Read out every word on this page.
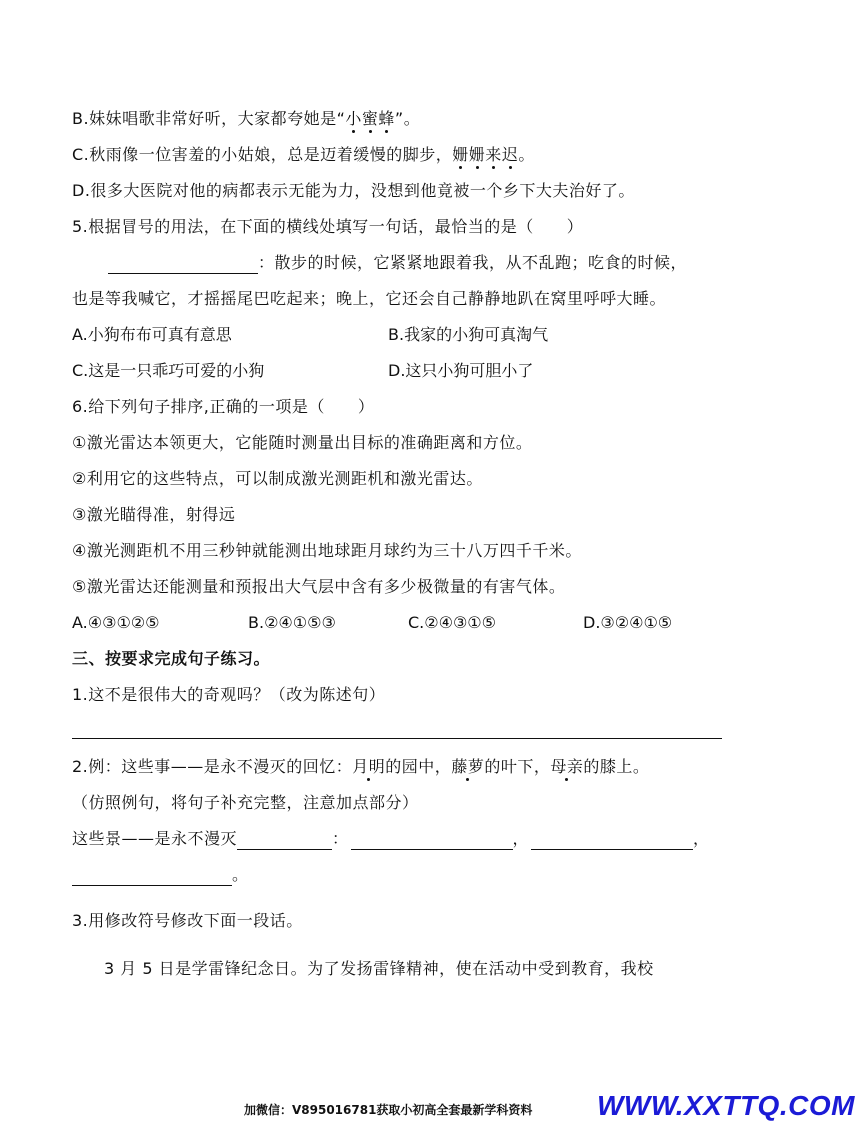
B.妹妹唱歌非常好听，大家都夸她是“小蜜蜂”。
C.秋雨像一位害羞的小姑娘，总是迈着缓慢的脚步，姗姗来迟。
D.很多大医院对他的病都表示无能为力，没想到他竟被一个乡下大夫治好了。
5.根据冒号的用法，在下面的横线处填写一句话，最恰当的是（　　）
：散步的时候，它紧紧地跟着我，从不乱跑；吃食的时候，
也是等我喊它，才摇摇尾巴吃起来；晚上，它还会自己静静地趴在窝里呼呼大睡。
A.小狗布布可真有意思	B.我家的小狗可真淘气
C.这是一只乖巧可爱的小狗	D.这只小狗可胆小了
6.给下列句子排序,正确的一项是（　　）
①激光雷达本领更大，它能随时测量出目标的准确距离和方位。
②利用它的这些特点，可以制成激光测距机和激光雷达。
③激光瞄得准，射得远
④激光测距机不用三秒钟就能测出地球距月球约为三十八万四千千米。
⑤激光雷达还能测量和预报出大气层中含有多少极微量的有害气体。
A.④③①②⑤	B.②④①⑤③	C.②④③①⑤	D.③②④①⑤
三、按要求完成句子练习。
1.这不是很伟大的奇观吗？（改为陈述句）
2.例：这些事——是永不漫灭的回忆：月明的园中，藤萝的叶下，母亲的膝上。
（仿照例句，将句子补充完整，注意加点部分）
这些景——是永不漫灭	：	，	，
。
3.用修改符号修改下面一段话。
3 月 5 日是学雷锋纪念日。为了发扬雷锋精神，使在活动中受到教育，我校
加微信：V895016781获取小初高全套最新学科资料 WWW.XXTTQ.COM
